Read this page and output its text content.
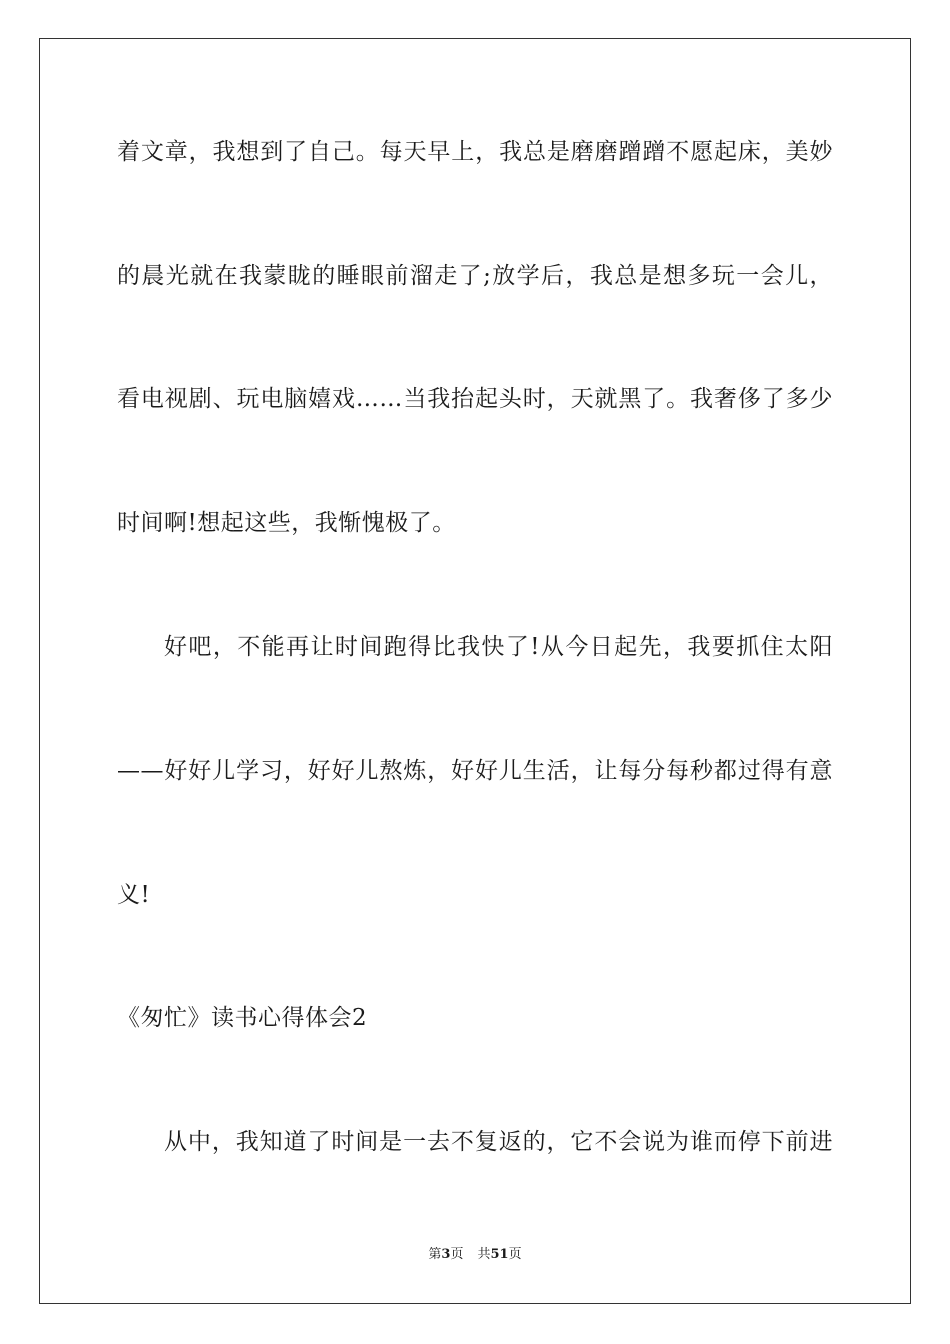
着文章，我想到了自己。每天早上，我总是磨磨蹭蹭不愿起床，美妙
的晨光就在我蒙眬的睡眼前溜走了;放学后，我总是想多玩一会儿，
看电视剧、玩电脑嬉戏……当我抬起头时，天就黑了。我奢侈了多少
时间啊!想起这些，我惭愧极了。
好吧，不能再让时间跑得比我快了!从今日起先，我要抓住太阳
——好好儿学习，好好儿熬炼，好好儿生活，让每分每秒都过得有意
义!
《匆忙》读书心得体会2
从中，我知道了时间是一去不复返的，它不会说为谁而停下前进
第3页 共51页
